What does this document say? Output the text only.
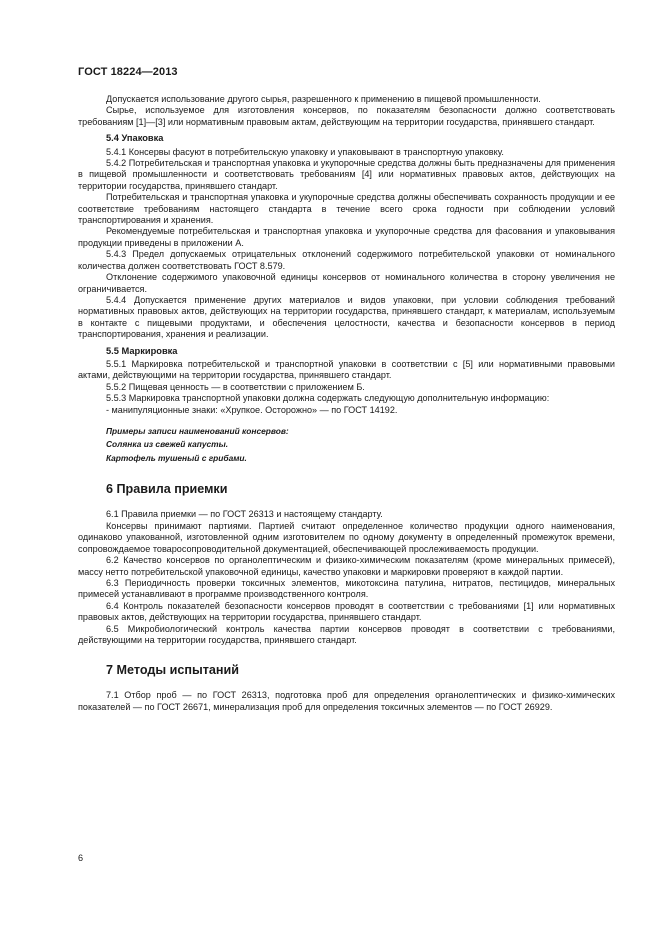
ГОСТ 18224—2013

Допускается использование другого сырья, разрешенного к применению в пищевой промышленности.

Сырье, используемое для изготовления консервов, по показателям безопасности должно соответствовать требованиям [1]—[3] или нормативным правовым актам, действующим на территории государства, принявшего стандарт.

5.4 Упаковка

5.4.1 Консервы фасуют в потребительскую упаковку и упаковывают в транспортную упаковку.

5.4.2 Потребительская и транспортная упаковка и укупорочные средства должны быть предназначены для применения в пищевой промышленности и соответствовать требованиям [4] или нормативных правовых актов, действующих на территории государства, принявшего стандарт.

Потребительская и транспортная упаковка и укупорочные средства должны обеспечивать сохранность продукции и ее соответствие требованиям настоящего стандарта в течение всего срока годности при соблюдении условий транспортирования и хранения.

Рекомендуемые потребительская и транспортная упаковка и укупорочные средства для фасования и упаковывания продукции приведены в приложении А.

5.4.3 Предел допускаемых отрицательных отклонений содержимого потребительской упаковки от номинального количества должен соответствовать ГОСТ 8.579.

Отклонение содержимого упаковочной единицы консервов от номинального количества в сторону увеличения не ограничивается.

5.4.4 Допускается применение других материалов и видов упаковки, при условии соблюдения требований нормативных правовых актов, действующих на территории государства, принявшего стандарт, к материалам, используемым в контакте с пищевыми продуктами, и обеспечения целостности, качества и безопасности консервов в период транспортирования, хранения и реализации.

5.5 Маркировка

5.5.1 Маркировка потребительской и транспортной упаковки в соответствии с [5] или нормативными правовыми актами, действующими на территории государства, принявшего стандарт.

5.5.2 Пищевая ценность — в соответствии с приложением Б.

5.5.3 Маркировка транспортной упаковки должна содержать следующую дополнительную информацию:

- манипуляционные знаки: «Хрупкое. Осторожно» — по ГОСТ 14192.

Примеры записи наименований консервов:

Солянка из свежей капусты.

Картофель тушеный с грибами.

6 Правила приемки

6.1 Правила приемки — по ГОСТ 26313 и настоящему стандарту.

Консервы принимают партиями. Партией считают определенное количество продукции одного наименования, одинаково упакованной, изготовленной одним изготовителем по одному документу в определенный промежуток времени, сопровождаемое товаросопроводительной документацией, обеспечивающей прослеживаемость продукции.

6.2 Качество консервов по органолептическим и физико-химическим показателям (кроме минеральных примесей), массу нетто потребительской упаковочной единицы, качество упаковки и маркировки проверяют в каждой партии.

6.3 Периодичность проверки токсичных элементов, микотоксина патулина, нитратов, пестицидов, минеральных примесей устанавливают в программе производственного контроля.

6.4 Контроль показателей безопасности консервов проводят в соответствии с требованиями [1] или нормативных правовых актов, действующих на территории государства, принявшего стандарт.

6.5 Микробиологический контроль качества партии консервов проводят в соответствии с требованиями, действующими на территории государства, принявшего стандарт.

7 Методы испытаний

7.1 Отбор проб — по ГОСТ 26313, подготовка проб для определения органолептических и физико-химических показателей — по ГОСТ 26671, минерализация проб для определения токсичных элементов — по ГОСТ 26929.

6
